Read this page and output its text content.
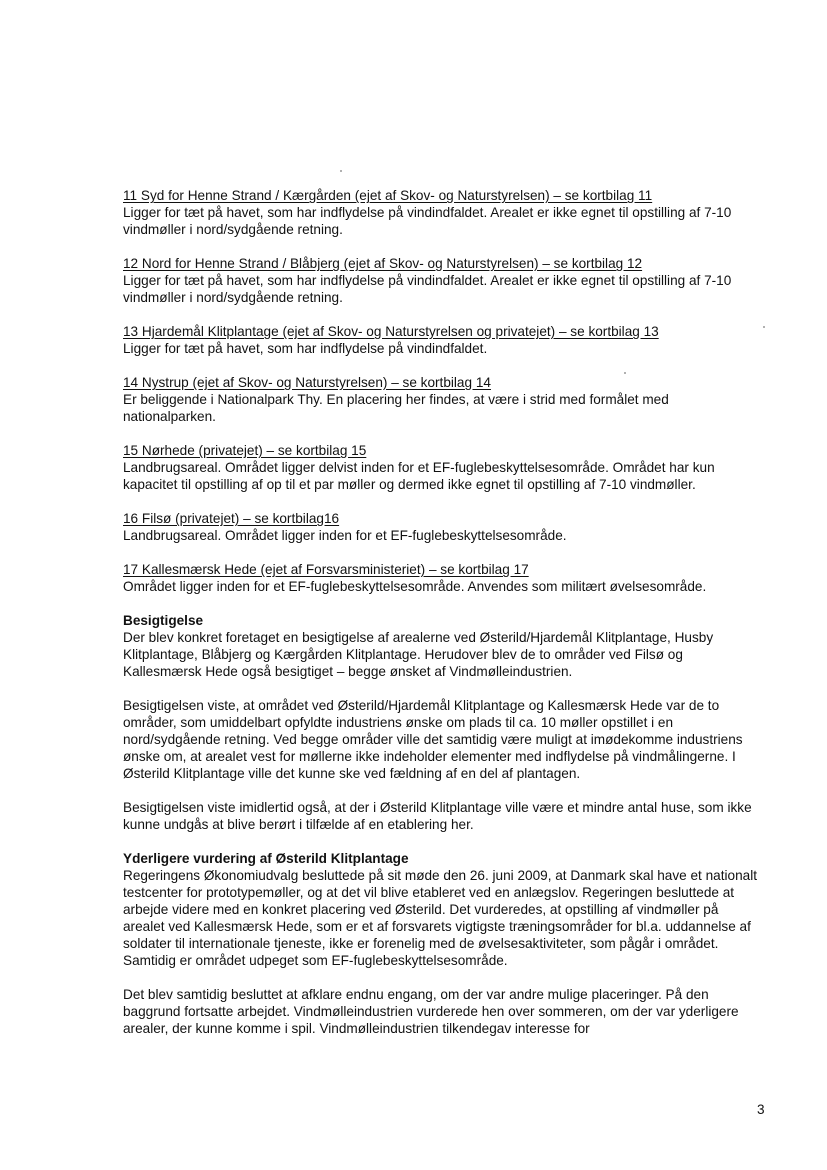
11 Syd for Henne Strand / Kærgården (ejet af Skov- og Naturstyrelsen) – se kortbilag 11
Ligger for tæt på havet, som har indflydelse på vindindfaldet. Arealet er ikke egnet til opstilling af 7-10 vindmøller i nord/sydgående retning.
12 Nord for Henne Strand / Blåbjerg (ejet af Skov- og Naturstyrelsen) – se kortbilag 12
Ligger for tæt på havet, som har indflydelse på vindindfaldet. Arealet er ikke egnet til opstilling af 7-10 vindmøller i nord/sydgående retning.
13 Hjardemål Klitplantage (ejet af Skov- og Naturstyrelsen og privatejet) – se kortbilag 13
Ligger for tæt på havet, som har indflydelse på vindindfaldet.
14 Nystrup (ejet af Skov- og Naturstyrelsen) – se kortbilag 14
Er beliggende i Nationalpark Thy. En placering her findes, at være i strid med formålet med nationalparken.
15 Nørhede (privatejet) – se kortbilag 15
Landbrugsareal. Området ligger delvist inden for et EF-fuglebeskyttelsesområde. Området har kun kapacitet til opstilling af op til et par møller og dermed ikke egnet til opstilling af 7-10 vindmøller.
16 Filsø (privatejet) – se kortbilag16
Landbrugsareal. Området ligger inden for et EF-fuglebeskyttelsesområde.
17 Kallesmærsk Hede (ejet af Forsvarsministeriet) – se kortbilag 17
Området ligger inden for et EF-fuglebeskyttelsesområde. Anvendes som militært øvelsesområde.
Besigtigelse

Der blev konkret foretaget en besigtigelse af arealerne ved Østerild/Hjardemål Klitplantage, Husby Klitplantage, Blåbjerg og Kærgården Klitplantage. Herudover blev de to områder ved Filsø og Kallesmærsk Hede også besigtiget – begge ønsket af Vindmølleindustrien.

Besigtigelsen viste, at området ved Østerild/Hjardemål Klitplantage og Kallesmærsk Hede var de to områder, som umiddelbart opfyldte industriens ønske om plads til ca. 10 møller opstillet i en nord/sydgående retning. Ved begge områder ville det samtidig være muligt at imødekomme industriens ønske om, at arealet vest for møllerne ikke indeholder elementer med indflydelse på vindmålingerne. I Østerild Klitplantage ville det kunne ske ved fældning af en del af plantagen.

Besigtigelsen viste imidlertid også, at der i Østerild Klitplantage ville være et mindre antal huse, som ikke kunne undgås at blive berørt i tilfælde af en etablering her.

Yderligere vurdering af Østerild Klitplantage

Regeringens Økonomiudvalg besluttede på sit møde den 26. juni 2009, at Danmark skal have et nationalt testcenter for prototypemøller, og at det vil blive etableret ved en anlægslov. Regeringen besluttede at arbejde videre med en konkret placering ved Østerild. Det vurderedes, at opstilling af vindmøller på arealet ved Kallesmærsk Hede, som er et af forsvarets vigtigste træningsområder for bl.a. uddannelse af soldater til internationale tjeneste, ikke er forenelig med de øvelsesaktiviteter, som pågår i området. Samtidig er området udpeget som EF-fuglebeskyttelsesområde.

Det blev samtidig besluttet at afklare endnu engang, om der var andre mulige placeringer. På den baggrund fortsatte arbejdet. Vindmølleindustrien vurderede hen over sommeren, om der var yderligere arealer, der kunne komme i spil. Vindmølleindustrien tilkendegav interesse for

3
